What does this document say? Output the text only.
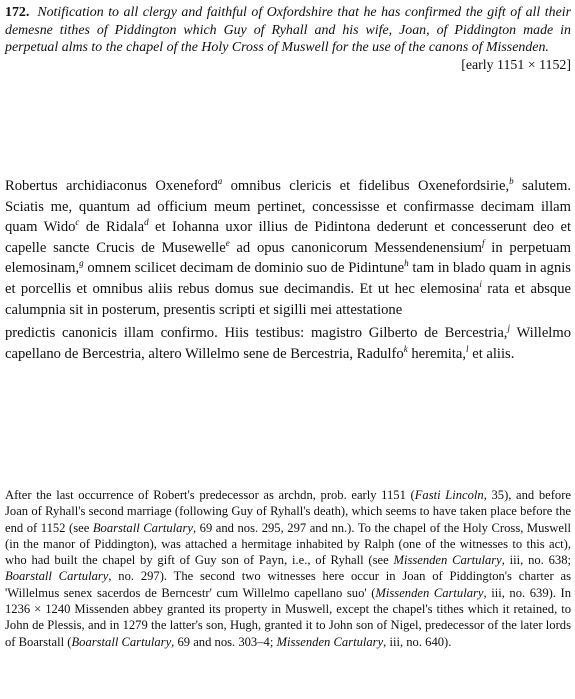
172. Notification to all clergy and faithful of Oxfordshire that he has confirmed the gift of all their demesne tithes of Piddington which Guy of Ryhall and his wife, Joan, of Piddington made in perpetual alms to the chapel of the Holy Cross of Muswell for the use of the canons of Missenden.
[early 1151 × 1152]
Robertus archidiaconus Oxeneford$^a$ omnibus clericis et fidelibus Oxenefordsirie,$^b$ salutem. Sciatis me, quantum ad officium meum pertinet, concessisse et confirmasse decimam illam quam Wido$^c$ de Ridala$^d$ et Iohanna uxor illius de Pidintona dederunt et concesserunt deo et capelle sancte Crucis de Musewelle$^e$ ad opus canonicorum Messendenensium$^f$ in perpetuam elemosinam,$^g$ omnem scilicet decimam de dominio suo de Pidintune$^h$ tam in blado quam in agnis et porcellis et omnibus aliis rebus domus sue decimandis. Et ut hec elemosina$^i$ rata et absque calumpnia sit in posterum, presentis scripti et sigilli mei attestatione
predictis canonicis illam confirmo. Hiis testibus: magistro Gilberto de Bercestria,$^j$ Willelmo capellano de Bercestria, altero Willelmo sene de Bercestria, Radulfo$^k$ heremita,$^l$ et aliis.
After the last occurrence of Robert's predecessor as archdn, prob. early 1151 (Fasti Lincoln, 35), and before Joan of Ryhall's second marriage (following Guy of Ryhall's death), which seems to have taken place before the end of 1152 (see Boarstall Cartulary, 69 and nos. 295, 297 and nn.). To the chapel of the Holy Cross, Muswell (in the manor of Piddington), was attached a hermitage inhabited by Ralph (one of the witnesses to this act), who had built the chapel by gift of Guy son of Payn, i.e., of Ryhall (see Missenden Cartulary, iii, no. 638; Boarstall Cartulary, no. 297). The second two witnesses here occur in Joan of Piddington's charter as 'Willelmus senex sacerdos de Berncestr' cum Willelmo capellano suo' (Missenden Cartulary, iii, no. 639). In 1236 × 1240 Missenden abbey granted its property in Muswell, except the chapel's tithes which it retained, to John de Plessis, and in 1279 the latter's son, Hugh, granted it to John son of Nigel, predecessor of the later lords of Boarstall (Boarstall Cartulary, 69 and nos. 303–4; Missenden Cartulary, iii, no. 640).
